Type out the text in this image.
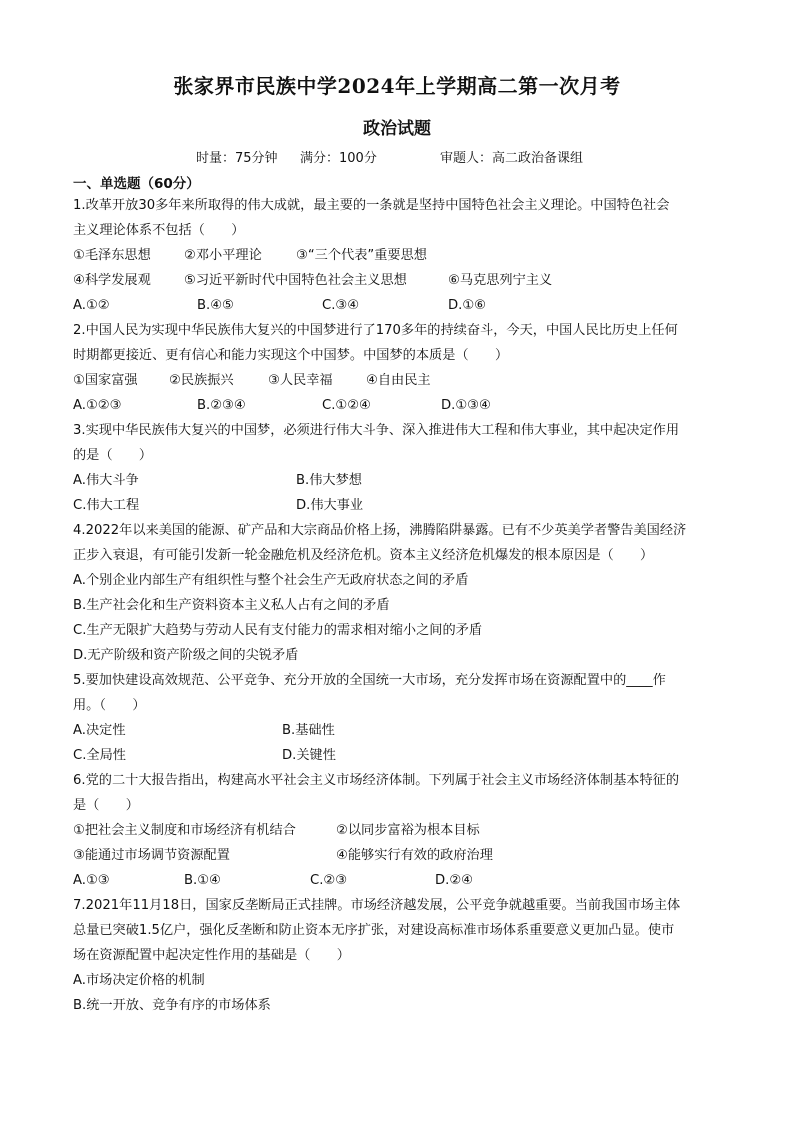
张家界市民族中学2024年上学期高二第一次月考
政治试题
时量：75分钟 满分：100分	审题人：高二政治备课组
一、单选题（60分）
1.改革开放30多年来所取得的伟大成就，最主要的一条就是坚持中国特色社会主义理论。中国特色社会
主义理论体系不包括（　　）
①毛泽东思想	②邓小平理论	③“三个代表”重要思想
④科学发展观	⑤习近平新时代中国特色社会主义思想	⑥马克思列宁主义
A.①②	B.④⑤	C.③④	D.①⑥
2.中国人民为实现中华民族伟大复兴的中国梦进行了170多年的持续奋斗，今天，中国人民比历史上任何
时期都更接近、更有信心和能力实现这个中国梦。中国梦的本质是（　　）
①国家富强 ②民族振兴	③人民幸福	④自由民主
A.①②③	B.②③④	C.①②④	D.①③④
3.实现中华民族伟大复兴的中国梦，必须进行伟大斗争、深入推进伟大工程和伟大事业，其中起决定作用
的是（　　）
A.伟大斗争	B.伟大梦想
C.伟大工程	D.伟大事业
4.2022年以来美国的能源、矿产品和大宗商品价格上扬，沸腾陷阱暴露。已有不少英美学者警告美国经济
正步入衰退，有可能引发新一轮金融危机及经济危机。资本主义经济危机爆发的根本原因是（　　）
A.个别企业内部生产有组织性与整个社会生产无政府状态之间的矛盾
B.生产社会化和生产资料资本主义私人占有之间的矛盾
C.生产无限扩大趋势与劳动人民有支付能力的需求相对缩小之间的矛盾
D.无产阶级和资产阶级之间的尖锐矛盾
5.要加快建设高效规范、公平竞争、充分开放的全国统一大市场，充分发挥市场在资源配置中的____作
用。（　　）
A.决定性	B.基础性
C.全局性	D.关键性
6.党的二十大报告指出，构建高水平社会主义市场经济体制。下列属于社会主义市场经济体制基本特征的
是（　　）
①把社会主义制度和市场经济有机结合	②以同步富裕为根本目标
③能通过市场调节资源配置	④能够实行有效的政府治理
A.①③	B.①④	C.②③	D.②④
7.2021年11月18日，国家反垄断局正式挂牌。市场经济越发展，公平竞争就越重要。当前我国市场主体
总量已突破1.5亿户，强化反垄断和防止资本无序扩张，对建设高标准市场体系重要意义更加凸显。使市
场在资源配置中起决定性作用的基础是（　　）
A.市场决定价格的机制
B.统一开放、竞争有序的市场体系
